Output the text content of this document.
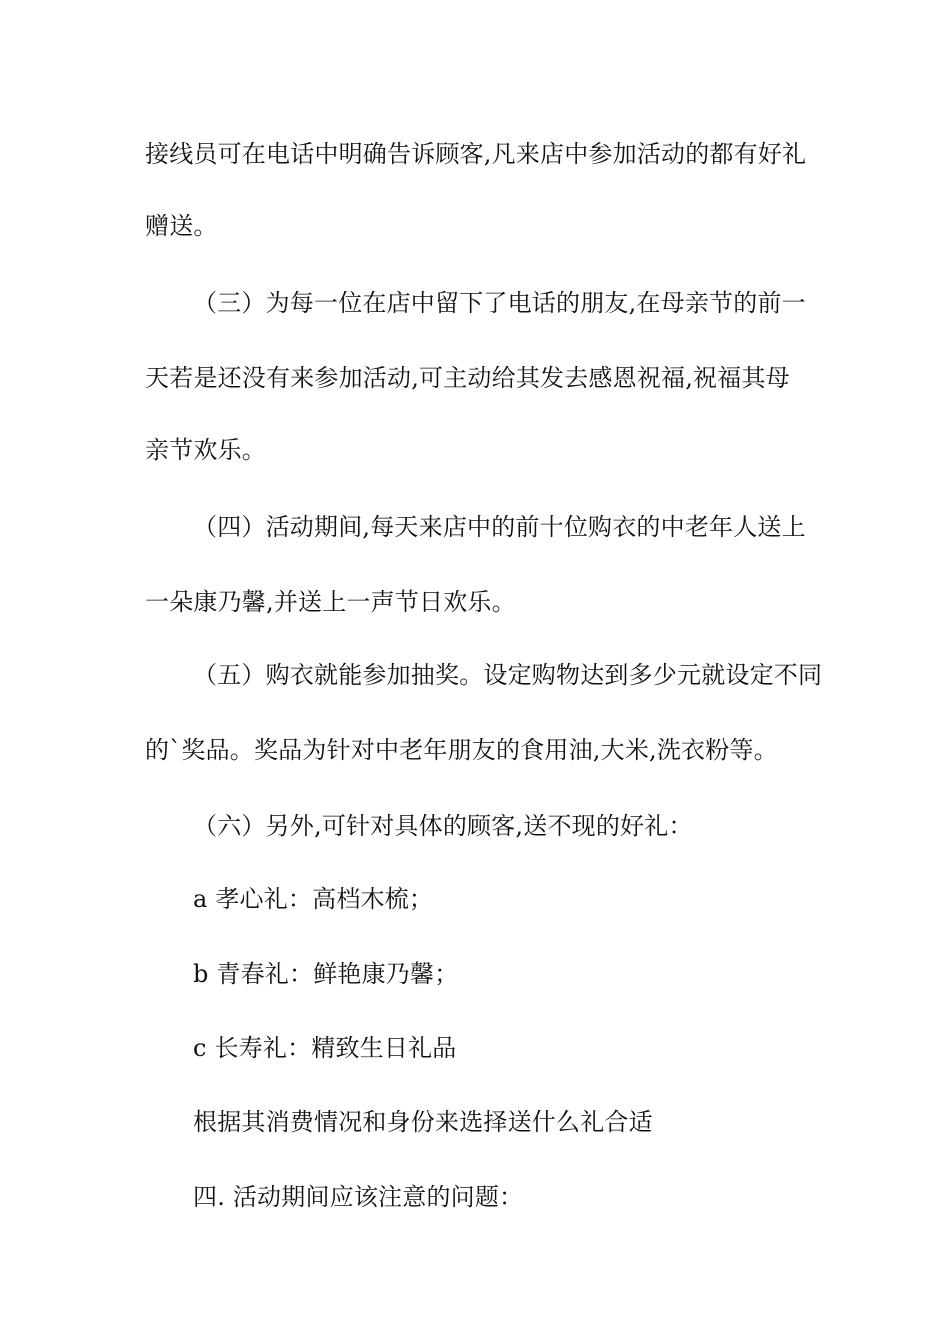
接线员可在电话中明确告诉顾客,凡来店中参加活动的都有好礼
赠送。
（三）为每一位在店中留下了电话的朋友,在母亲节的前一
天若是还没有来参加活动,可主动给其发去感恩祝福,祝福其母
亲节欢乐。
（四）活动期间,每天来店中的前十位购衣的中老年人送上
一朵康乃馨,并送上一声节日欢乐。
（五）购衣就能参加抽奖。设定购物达到多少元就设定不同
的`奖品。奖品为针对中老年朋友的食用油,大米,洗衣粉等。
（六）另外,可针对具体的顾客,送不现的好礼：
a 孝心礼：高档木梳；
b 青春礼：鲜艳康乃馨；
c 长寿礼：精致生日礼品
根据其消费情况和身份来选择送什么礼合适
四. 活动期间应该注意的问题：
